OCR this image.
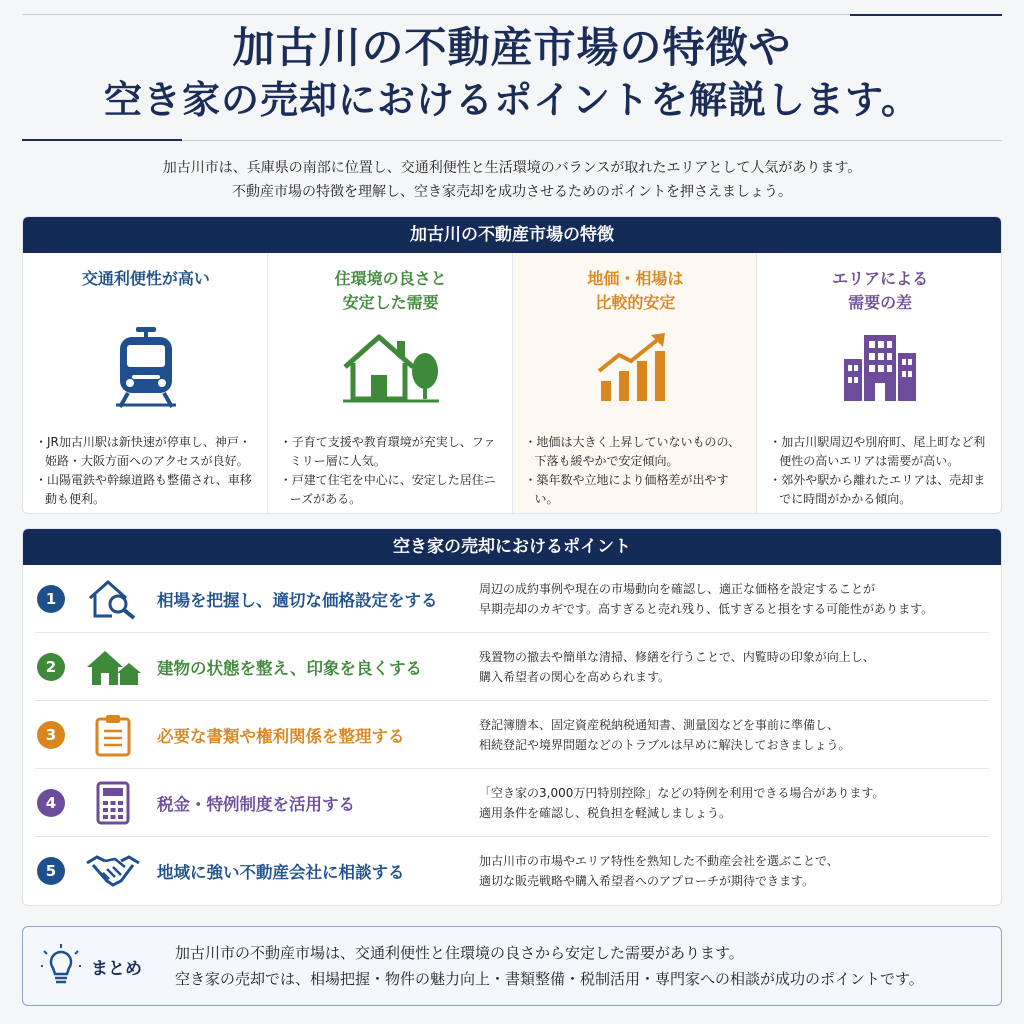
加古川の不動産市場の特徴や
空き家の売却におけるポイントを解説します。
加古川市は、兵庫県の南部に位置し、交通利便性と生活環境のバランスが取れたエリアとして人気があります。
不動産市場の特徴を理解し、空き家売却を成功させるためのポイントを押さえましょう。
加古川の不動産市場の特徴
交通利便性が高い
・JR加古川駅は新快速が停車し、神戸・姫路・大阪方面へのアクセスが良好。
・山陽電鉄や幹線道路も整備され、車移動も便利。
住環境の良さと
安定した需要
・子育て支援や教育環境が充実し、ファミリー層に人気。
・戸建て住宅を中心に、安定した居住ニーズがある。
地価・相場は
比較的安定
・地価は大きく上昇していないものの、下落も緩やかで安定傾向。
・築年数や立地により価格差が出やすい。
エリアによる
需要の差
・加古川駅周辺や別府町、尾上町など利便性の高いエリアは需要が高い。
・郊外や駅から離れたエリアは、売却までに時間がかかる傾向。
空き家の売却におけるポイント
1	相場を把握し、適切な価格設定をする
周辺の成約事例や現在の市場動向を確認し、適正な価格を設定することが
早期売却のカギです。高すぎると売れ残り、低すぎると損をする可能性があります。
2	建物の状態を整え、印象を良くする
残置物の撤去や簡単な清掃、修繕を行うことで、内覧時の印象が向上し、
購入希望者の関心を高められます。
3	必要な書類や権利関係を整理する
登記簿謄本、固定資産税納税通知書、測量図などを事前に準備し、
相続登記や境界問題などのトラブルは早めに解決しておきましょう。
4	税金・特例制度を活用する
「空き家の3,000万円特別控除」などの特例を利用できる場合があります。
適用条件を確認し、税負担を軽減しましょう。
5	地域に強い不動産会社に相談する
加古川市の市場やエリア特性を熟知した不動産会社を選ぶことで、
適切な販売戦略や購入希望者へのアプローチが期待できます。
まとめ
加古川市の不動産市場は、交通利便性と住環境の良さから安定した需要があります。
空き家の売却では、相場把握・物件の魅力向上・書類整備・税制活用・専門家への相談が成功のポイントです。
